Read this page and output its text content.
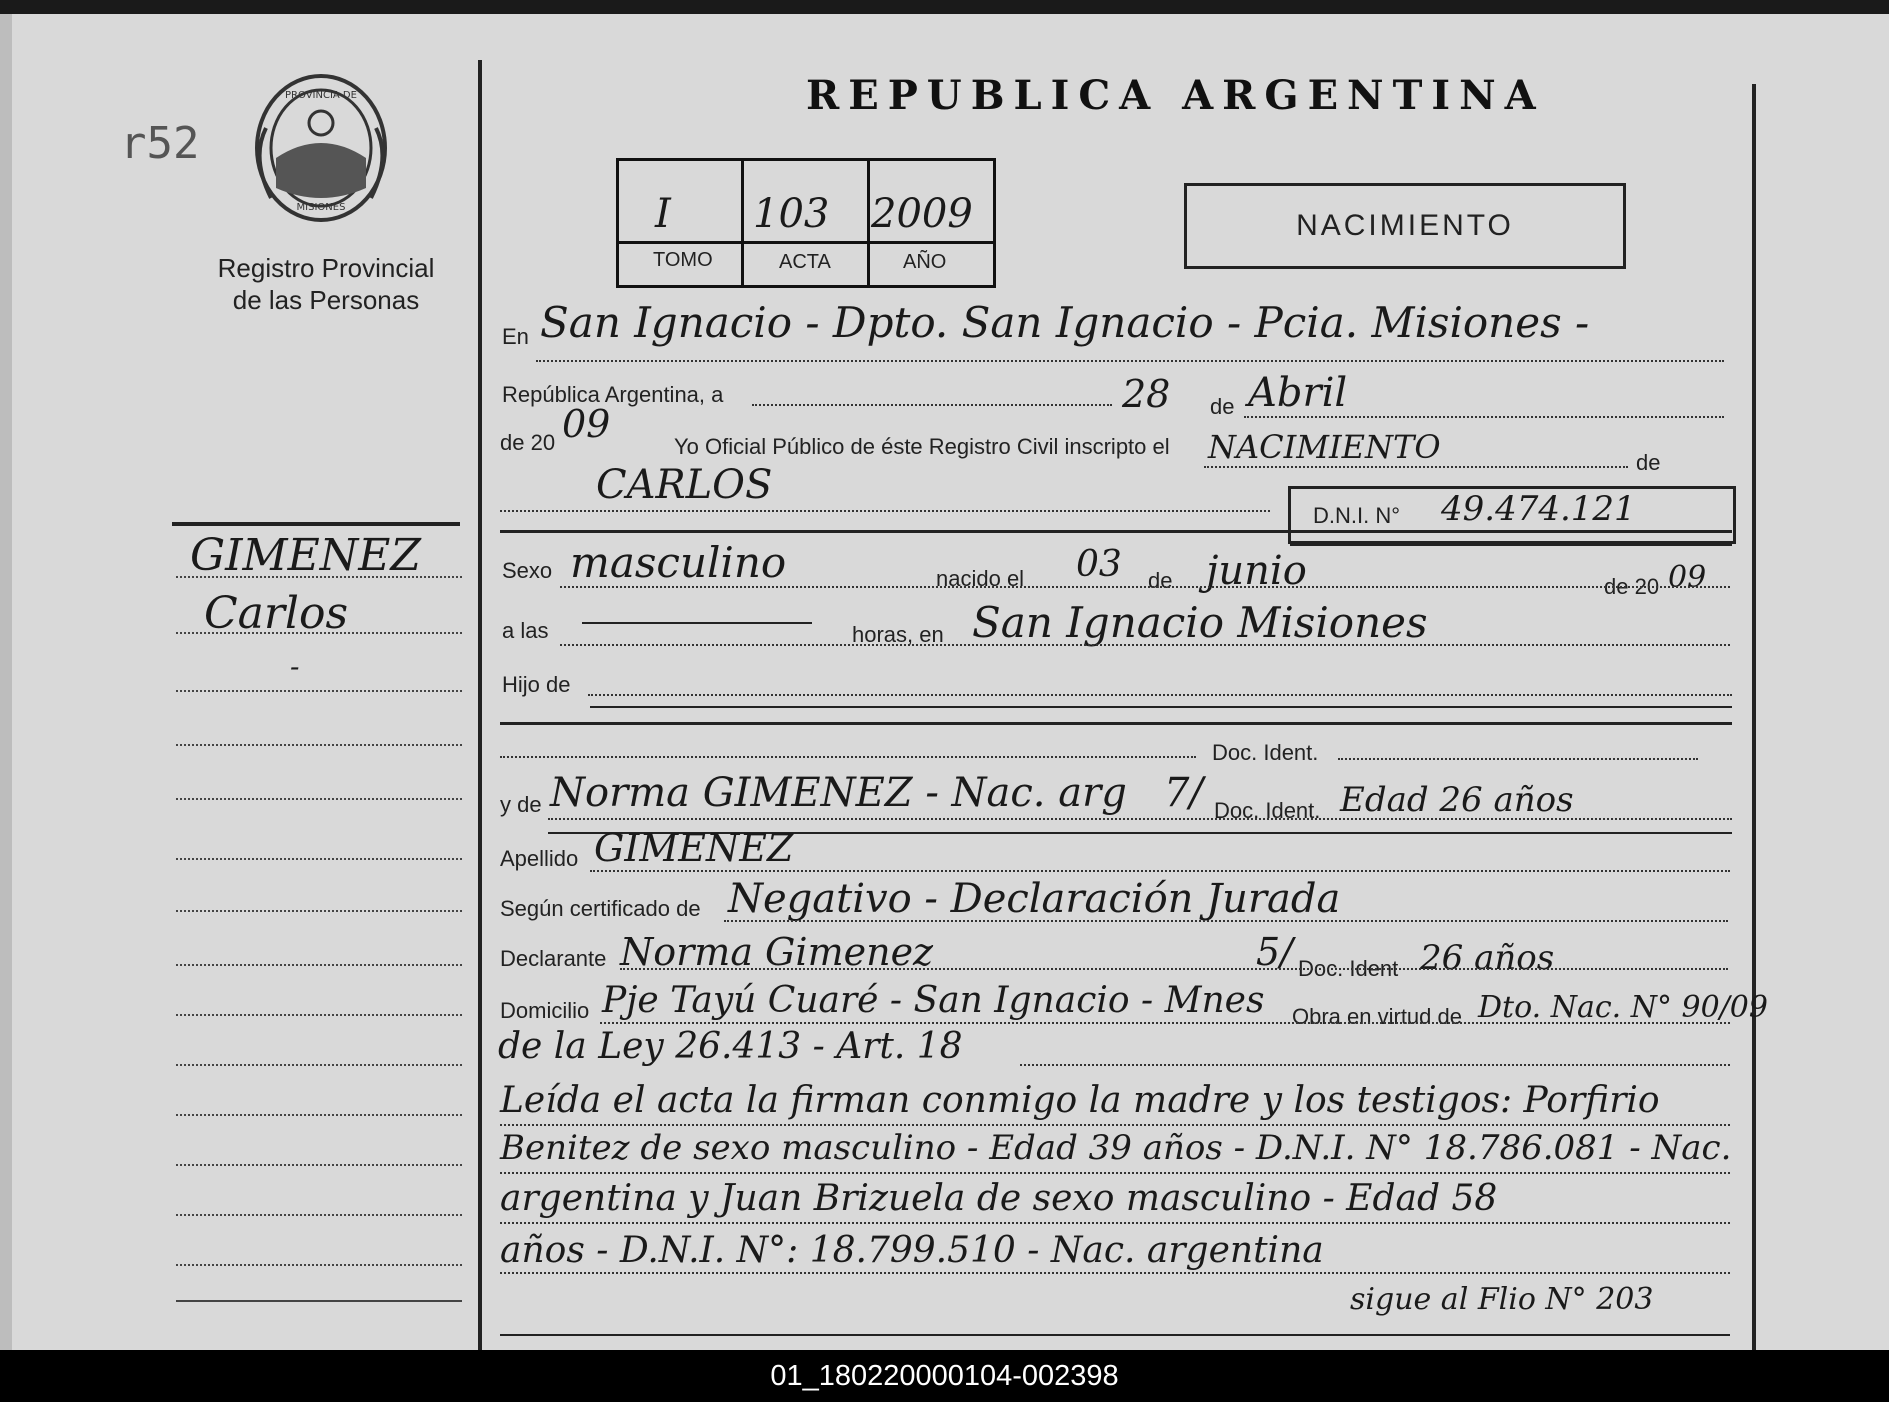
r52
PROVINCIA DE
MISIONES
Registro Provincial
de las Personas
GIMENEZ
Carlos
-
REPUBLICA ARGENTINA
I 103 2009
TOMO	ACTA	AÑO
NACIMIENTO
En San Ignacio - Dpto. San Ignacio - Pcia. Misiones -
República Argentina, a	28 de Abril
de 20 09
Yo Oficial Público de éste Registro Civil inscripto el NACIMIENTO	de
CARLOS
D.N.I. N° 49.474.121
Sexo masculino	nacido el 03 de junio	de 20 09
a las	horas, en San Ignacio Misiones
Hijo de
Doc. Ident.
y de Norma GIMENEZ - Nac. arg 7/ Doc. Ident. Edad 26 años
Apellido GIMENEZ
Según certificado de Negativo - Declaración Jurada
Declarante Norma Gimenez	5/ Doc. Ident 26 años
Domicilio Pje Tayú Cuaré - San Ignacio - Mnes Obra en virtud de Dto. Nac. N° 90/09
de la Ley 26.413 - Art. 18
Leída el acta la firman conmigo la madre y los testigos: Porfirio
Benitez de sexo masculino - Edad 39 años - D.N.I. N° 18.786.081 - Nac.
argentina y Juan Brizuela de sexo masculino - Edad 58
años - D.N.I. N°: 18.799.510 - Nac. argentina
sigue al Flio N° 203
01_180220000104-002398
